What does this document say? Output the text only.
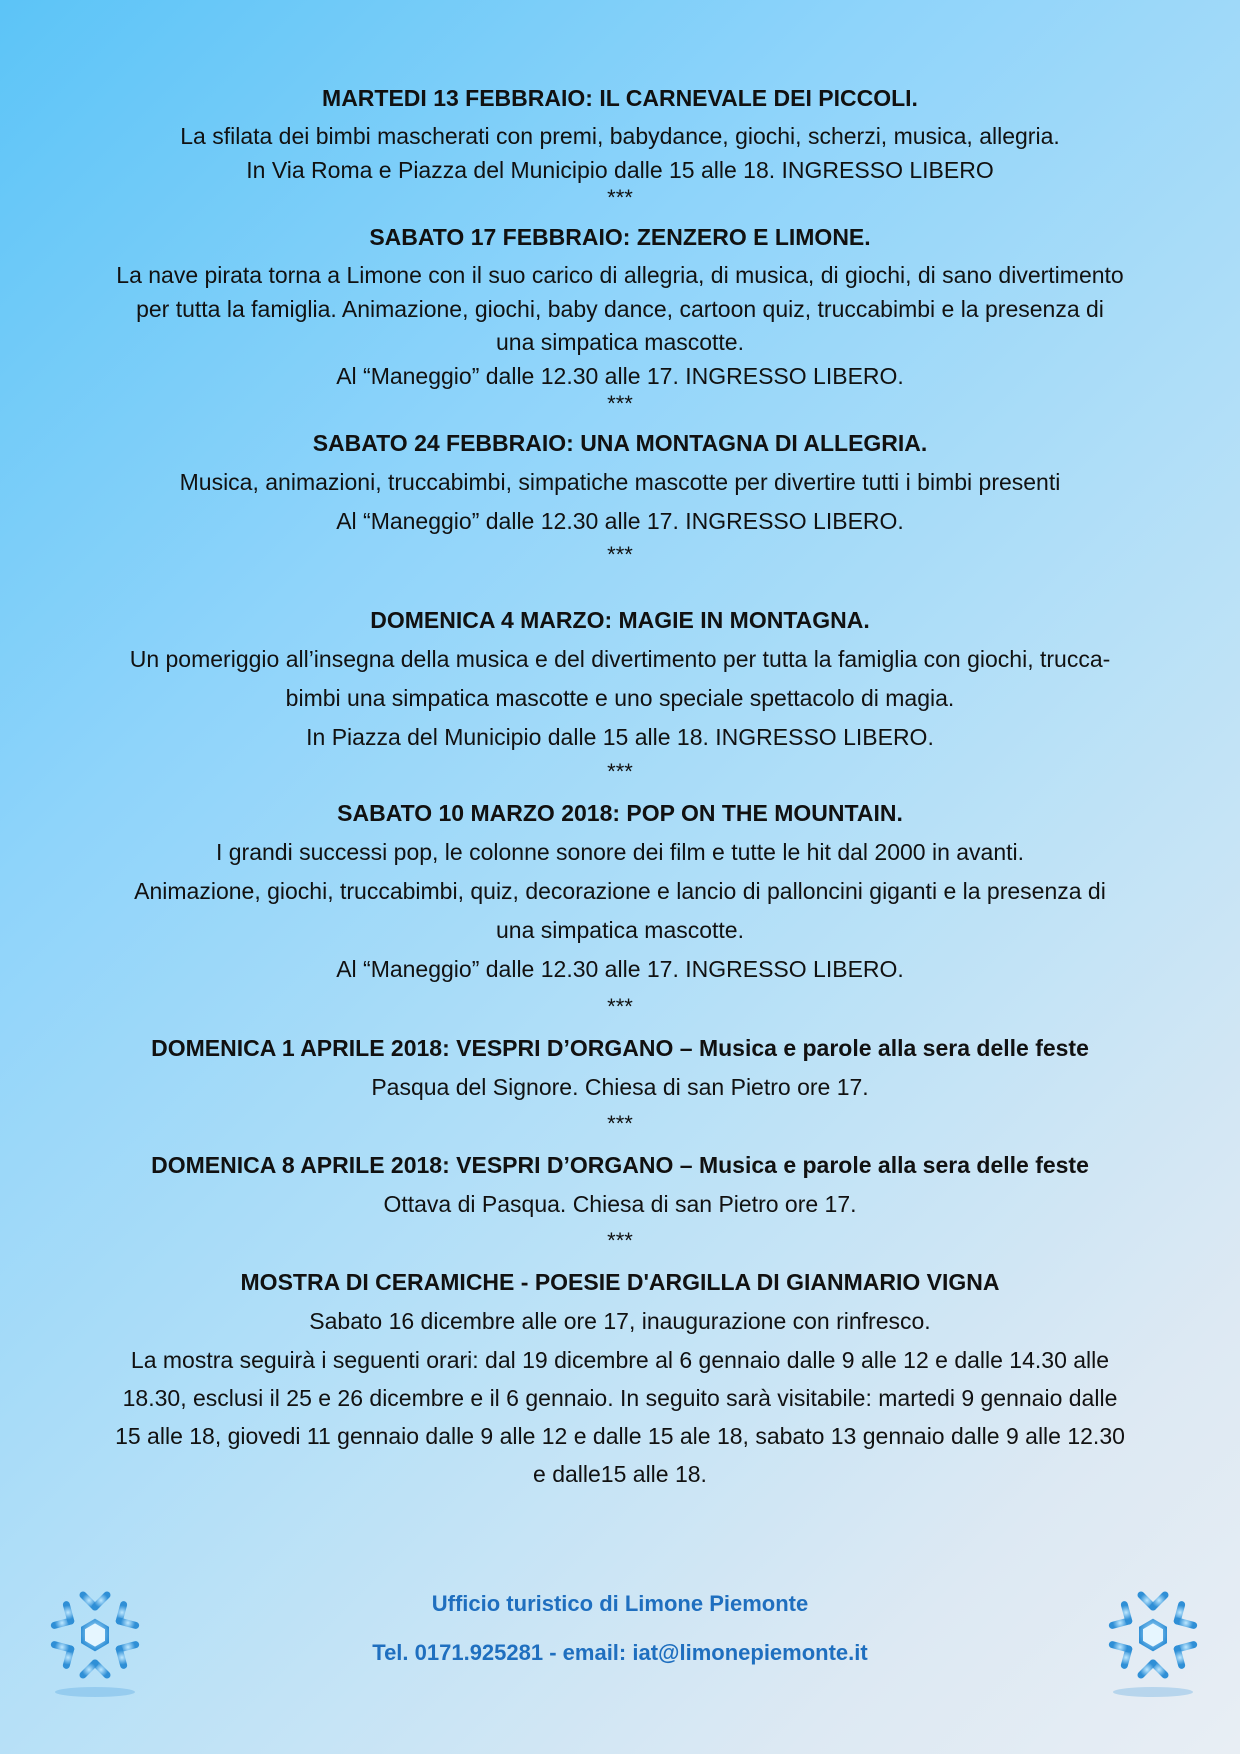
MARTEDI 13 FEBBRAIO: IL CARNEVALE DEI PICCOLI.
La sfilata dei bimbi mascherati con premi, babydance, giochi, scherzi, musica, allegria.
In Via Roma e Piazza del Municipio dalle 15 alle 18. INGRESSO LIBERO
***
SABATO 17 FEBBRAIO: ZENZERO E LIMONE.
La nave pirata torna a Limone con il suo carico di allegria, di musica, di giochi, di sano divertimento
per tutta la famiglia. Animazione, giochi, baby dance, cartoon quiz, truccabimbi e la presenza di
una simpatica mascotte.
Al “Maneggio” dalle 12.30 alle 17. INGRESSO LIBERO.
***
SABATO 24 FEBBRAIO: UNA MONTAGNA DI ALLEGRIA.
Musica, animazioni, truccabimbi, simpatiche mascotte per divertire tutti i bimbi presenti
Al “Maneggio” dalle 12.30 alle 17. INGRESSO LIBERO.
***
DOMENICA 4 MARZO: MAGIE IN MONTAGNA.
Un pomeriggio all’insegna della musica e del divertimento per tutta la famiglia con giochi, trucca-
bimbi una simpatica mascotte e uno speciale spettacolo di magia.
In Piazza del Municipio dalle 15 alle 18. INGRESSO LIBERO.
***
SABATO 10 MARZO 2018: POP ON THE MOUNTAIN.
I grandi successi pop, le colonne sonore dei film e tutte le hit dal 2000 in avanti.
Animazione, giochi, truccabimbi, quiz, decorazione e lancio di palloncini giganti e la presenza di
una simpatica mascotte.
Al “Maneggio” dalle 12.30 alle 17. INGRESSO LIBERO.
***
DOMENICA 1 APRILE 2018: VESPRI D’ORGANO – Musica e parole alla sera delle feste
Pasqua del Signore. Chiesa di san Pietro ore 17.
***
DOMENICA 8 APRILE 2018: VESPRI D’ORGANO – Musica e parole alla sera delle feste
Ottava di Pasqua. Chiesa di san Pietro ore 17.
***
MOSTRA DI CERAMICHE - POESIE D'ARGILLA DI GIANMARIO VIGNA
Sabato 16 dicembre alle ore 17, inaugurazione con rinfresco.
La mostra seguirà i seguenti orari: dal 19 dicembre al 6 gennaio dalle 9 alle 12 e dalle 14.30 alle
18.30, esclusi il 25 e 26 dicembre e il 6 gennaio. In seguito sarà visitabile: martedi 9 gennaio dalle
15 alle 18, giovedi 11 gennaio dalle 9 alle 12 e dalle 15 ale 18, sabato 13 gennaio dalle 9 alle 12.30
e dalle15 alle 18.
Ufficio turistico di Limone Piemonte
Tel. 0171.925281 - email: iat@limonepiemonte.it
